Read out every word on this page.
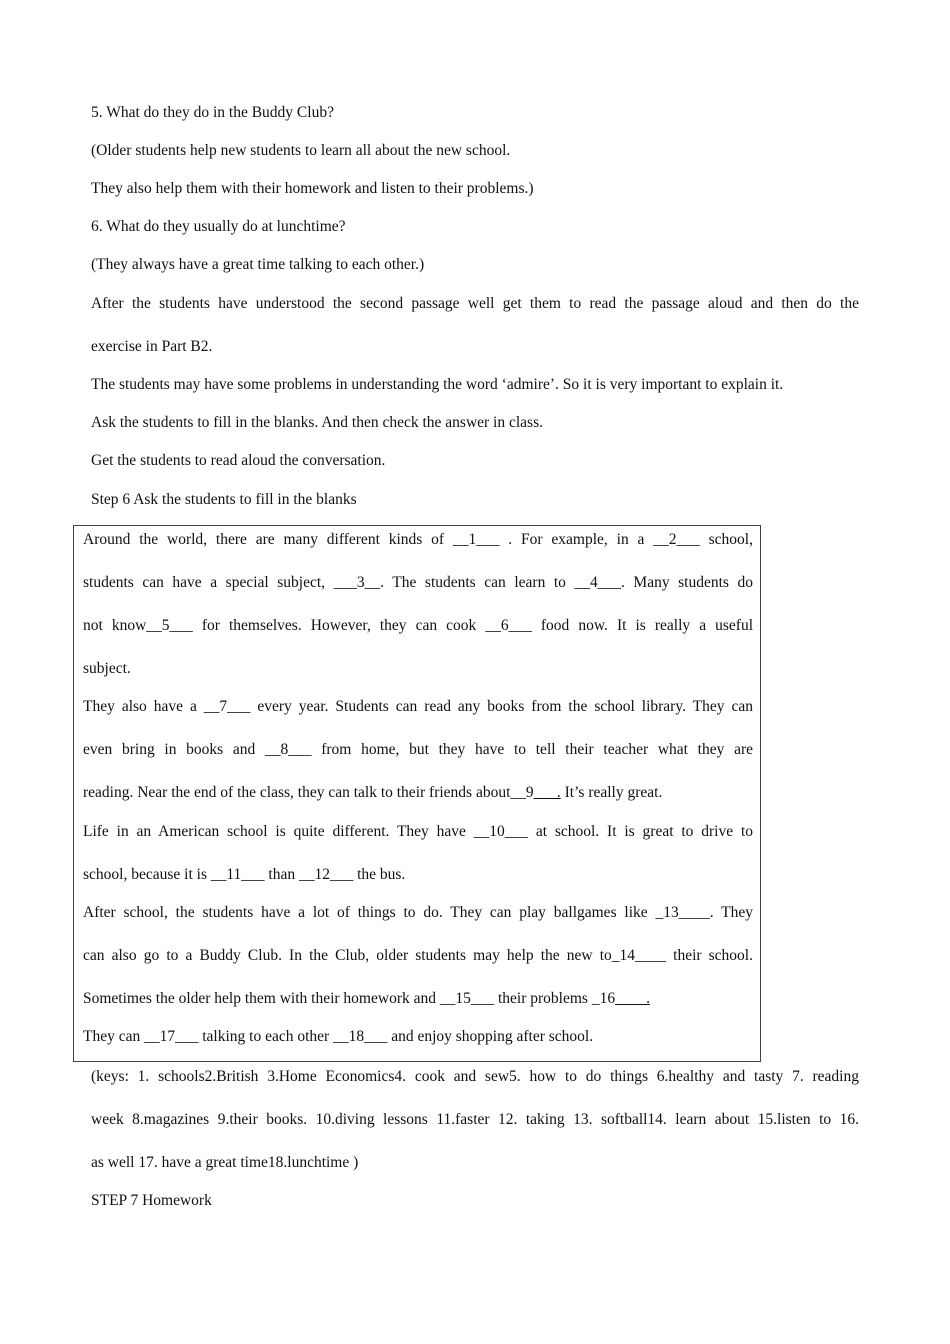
5. What do they do in the Buddy Club?
(Older students help new students to learn all about the new school.
They also help them with their homework and listen to their problems.)
6. What do they usually do at lunchtime?
(They always have a great time talking to each other.)
After the students have understood the second passage well get them to read the passage aloud and then do the
exercise in Part B2.
The students may have some problems in understanding the word ‘admire’. So it is very important to explain it.
Ask the students to fill in the blanks. And then check the answer in class.
Get the students to read aloud the conversation.
Step 6 Ask the students to fill in the blanks
Around the world, there are many different kinds of __1___ . For example, in a __2___ school,
students can have a special subject, ___3__. The students can learn to __4___. Many students do
not know__5___ for themselves. However, they can cook __6___ food now. It is really a useful
subject.
They also have a __7___ every year. Students can read any books from the school library. They can
even bring in books and __8___ from home, but they have to tell their teacher what they are
reading. Near the end of the class, they can talk to their friends about__9___. It’s really great.
Life in an American school is quite different. They have __10___ at school. It is great to drive to
school, because it is __11___ than __12___ the bus.
After school, the students have a lot of things to do. They can play ballgames like _13____. They
can also go to a Buddy Club. In the Club, older students may help the new to_14____ their school.
Sometimes the older help them with their homework and __15___ their problems _16____.
They can __17___ talking to each other __18___ and enjoy shopping after school.
(keys: 1. schools2.British 3.Home Economics4. cook and sew5. how to do things 6.healthy and tasty 7. reading
week 8.magazines 9.their books. 10.diving lessons 11.faster 12. taking 13. softball14. learn about 15.listen to 16.
as well 17. have a great time18.lunchtime )
STEP 7 Homework
